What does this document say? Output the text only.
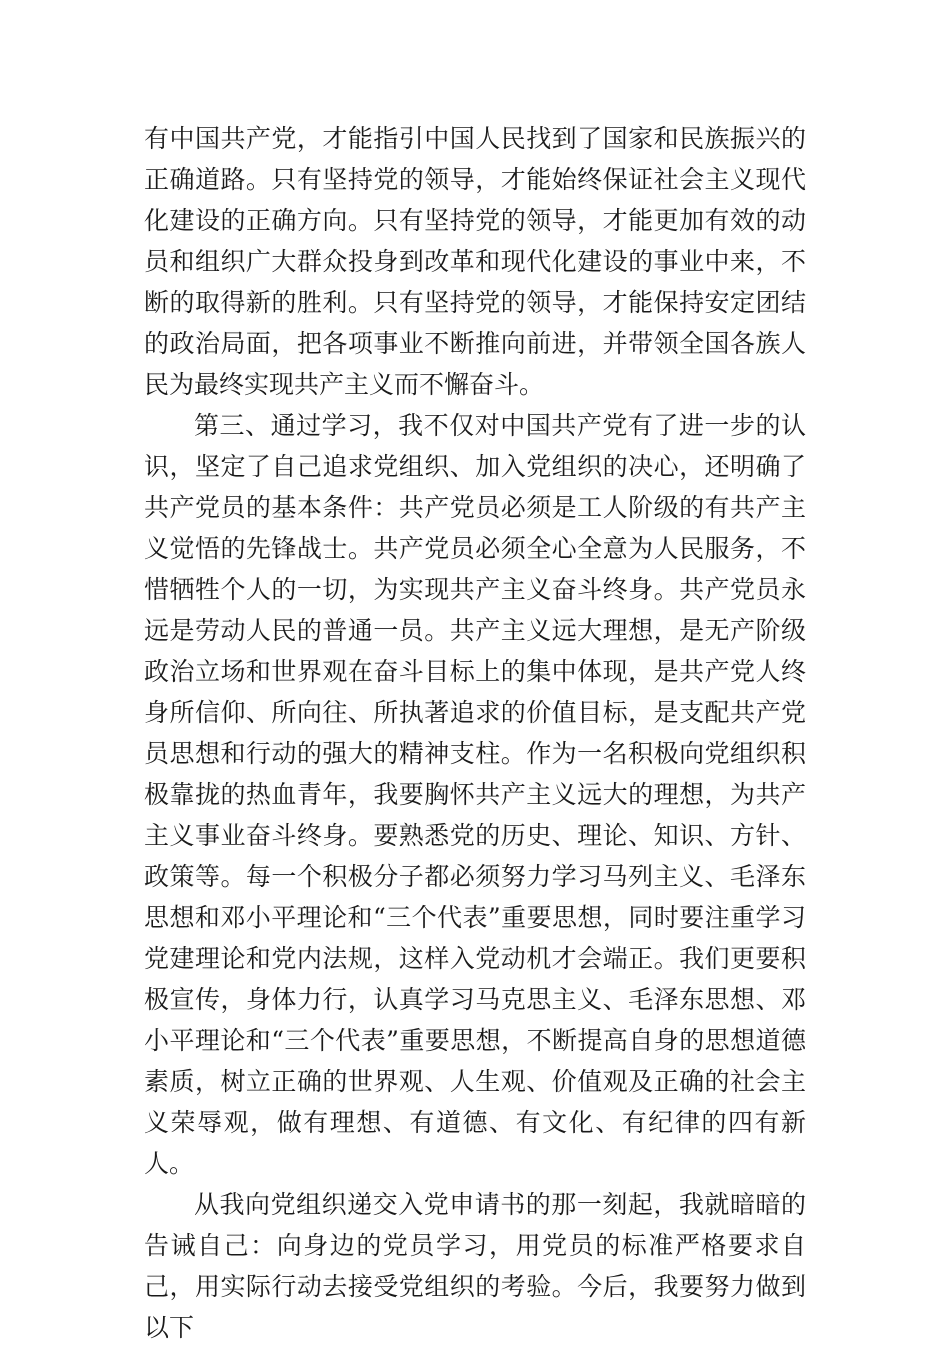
有中国共产党，才能指引中国人民找到了国家和民族振兴的正确道路。只有坚持党的领导，才能始终保证社会主义现代化建设的正确方向。只有坚持党的领导，才能更加有效的动员和组织广大群众投身到改革和现代化建设的事业中来，不断的取得新的胜利。只有坚持党的领导，才能保持安定团结的政治局面，把各项事业不断推向前进，并带领全国各族人民为最终实现共产主义而不懈奋斗。

第三、通过学习，我不仅对中国共产党有了进一步的认识，坚定了自己追求党组织、加入党组织的决心，还明确了共产党员的基本条件：共产党员必须是工人阶级的有共产主义觉悟的先锋战士。共产党员必须全心全意为人民服务，不惜牺牲个人的一切，为实现共产主义奋斗终身。共产党员永远是劳动人民的普通一员。共产主义远大理想，是无产阶级政治立场和世界观在奋斗目标上的集中体现，是共产党人终身所信仰、所向往、所执著追求的价值目标，是支配共产党员思想和行动的强大的精神支柱。作为一名积极向党组织积极靠拢的热血青年，我要胸怀共产主义远大的理想，为共产主义事业奋斗终身。要熟悉党的历史、理论、知识、方针、政策等。每一个积极分子都必须努力学习马列主义、毛泽东思想和邓小平理论和“三个代表”重要思想，同时要注重学习党建理论和党内法规，这样入党动机才会端正。我们更要积极宣传，身体力行，认真学习马克思主义、毛泽东思想、邓小平理论和“三个代表”重要思想，不断提高自身的思想道德素质，树立正确的世界观、人生观、价值观及正确的社会主义荣辱观，做有理想、有道德、有文化、有纪律的四有新人。

从我向党组织递交入党申请书的那一刻起，我就暗暗的告诫自己：向身边的党员学习，用党员的标准严格要求自己，用实际行动去接受党组织的考验。今后，我要努力做到以下
